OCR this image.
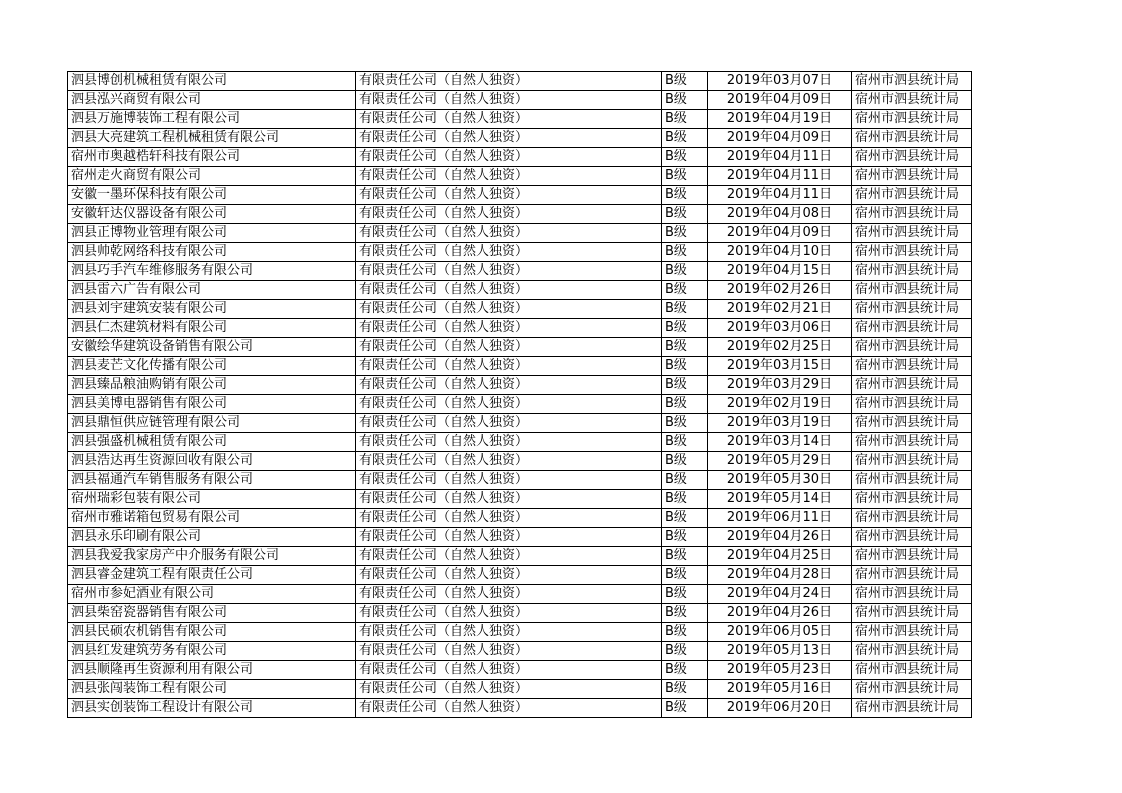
泗县博创机械租赁有限公司	有限责任公司（自然人独资）	B级	2019年03月07日	宿州市泗县统计局
泗县泓兴商贸有限公司	有限责任公司（自然人独资）	B级	2019年04月09日	宿州市泗县统计局
泗县万施博装饰工程有限公司	有限责任公司（自然人独资）	B级	2019年04月19日	宿州市泗县统计局
泗县大亮建筑工程机械租赁有限公司	有限责任公司（自然人独资）	B级	2019年04月09日	宿州市泗县统计局
宿州市奥越梏轩科技有限公司	有限责任公司（自然人独资）	B级	2019年04月11日	宿州市泗县统计局
宿州走火商贸有限公司	有限责任公司（自然人独资）	B级	2019年04月11日	宿州市泗县统计局
安徽一墨环保科技有限公司	有限责任公司（自然人独资）	B级	2019年04月11日	宿州市泗县统计局
安徽轩达仪器设备有限公司	有限责任公司（自然人独资）	B级	2019年04月08日	宿州市泗县统计局
泗县正博物业管理有限公司	有限责任公司（自然人独资）	B级	2019年04月09日	宿州市泗县统计局
泗县帅乾网络科技有限公司	有限责任公司（自然人独资）	B级	2019年04月10日	宿州市泗县统计局
泗县巧手汽车维修服务有限公司	有限责任公司（自然人独资）	B级	2019年04月15日	宿州市泗县统计局
泗县雷六广告有限公司	有限责任公司（自然人独资）	B级	2019年02月26日	宿州市泗县统计局
泗县刘宇建筑安装有限公司	有限责任公司（自然人独资）	B级	2019年02月21日	宿州市泗县统计局
泗县仁杰建筑材料有限公司	有限责任公司（自然人独资）	B级	2019年03月06日	宿州市泗县统计局
安徽绘华建筑设备销售有限公司	有限责任公司（自然人独资）	B级	2019年02月25日	宿州市泗县统计局
泗县麦芒文化传播有限公司	有限责任公司（自然人独资）	B级	2019年03月15日	宿州市泗县统计局
泗县臻品粮油购销有限公司	有限责任公司（自然人独资）	B级	2019年03月29日	宿州市泗县统计局
泗县美博电器销售有限公司	有限责任公司（自然人独资）	B级	2019年02月19日	宿州市泗县统计局
泗县鼎恒供应链管理有限公司	有限责任公司（自然人独资）	B级	2019年03月19日	宿州市泗县统计局
泗县强盛机械租赁有限公司	有限责任公司（自然人独资）	B级	2019年03月14日	宿州市泗县统计局
泗县浩达再生资源回收有限公司	有限责任公司（自然人独资）	B级	2019年05月29日	宿州市泗县统计局
泗县福通汽车销售服务有限公司	有限责任公司（自然人独资）	B级	2019年05月30日	宿州市泗县统计局
宿州瑞彩包装有限公司	有限责任公司（自然人独资）	B级	2019年05月14日	宿州市泗县统计局
宿州市雅诺箱包贸易有限公司	有限责任公司（自然人独资）	B级	2019年06月11日	宿州市泗县统计局
泗县永乐印刷有限公司	有限责任公司（自然人独资）	B级	2019年04月26日	宿州市泗县统计局
泗县我爱我家房产中介服务有限公司	有限责任公司（自然人独资）	B级	2019年04月25日	宿州市泗县统计局
泗县睿金建筑工程有限责任公司	有限责任公司（自然人独资）	B级	2019年04月28日	宿州市泗县统计局
宿州市参妃酒业有限公司	有限责任公司（自然人独资）	B级	2019年04月24日	宿州市泗县统计局
泗县柴窑瓷器销售有限公司	有限责任公司（自然人独资）	B级	2019年04月26日	宿州市泗县统计局
泗县民硕农机销售有限公司	有限责任公司（自然人独资）	B级	2019年06月05日	宿州市泗县统计局
泗县红发建筑劳务有限公司	有限责任公司（自然人独资）	B级	2019年05月13日	宿州市泗县统计局
泗县顺隆再生资源利用有限公司	有限责任公司（自然人独资）	B级	2019年05月23日	宿州市泗县统计局
泗县张闯装饰工程有限公司	有限责任公司（自然人独资）	B级	2019年05月16日	宿州市泗县统计局
泗县实创装饰工程设计有限公司	有限责任公司（自然人独资）	B级	2019年06月20日	宿州市泗县统计局
